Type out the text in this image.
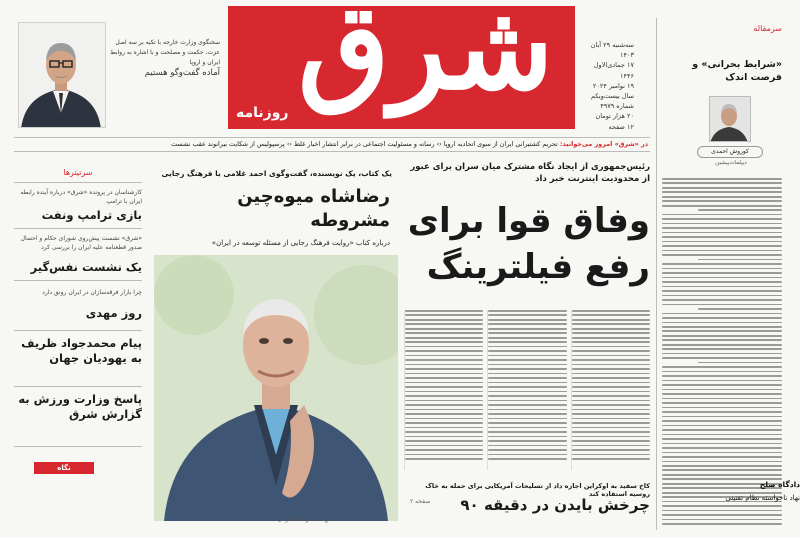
شرق
روزنامه
سه‌شنبه ۲۹ آبان ۱۴۰۳
۱۷ جمادی‌الاول ۱۴۴۶
۱۹ نوامبر ۲۰۲۴
سال بیست‌ویکم
شماره ۴۹۷۹
۲۰ هزار تومان
۱۲ صفحه
سخنگوی وزارت خارجه با تکیه بر سه اصل عزت، حکمت و مصلحت و با اشاره به روابط ایران و اروپا
آماده گفت‌وگو هستیم
در «شرق» امروز می‌خوانید: تحریم کشتیرانی ایران از سوی اتحادیه اروپا ‹› رسانه و مسئولیت اجتماعی در برابر انتشار اخبار غلط ‹› پرسپولیس از شکایت بیرانوند عقب نشست
سرمقاله
«شرایط بحرانی» و فرصت اندک
کوروش احمدی
دیپلمات‌پیشین
سرتیترها
کارشناسان در پرونده «شرق» درباره آینده رابطه ایران با ترامپ
بازی ترامپ ونفت
«شرق» نشست پیش‌روی شورای حکام و احتمال صدور قطعنامه علیه ایران را بررسی کرد
یک نشست نفس‌گیر
چرا بازار فرقه‌سازان در ایران رونق دارد
روز مهدی
پیام محمدجواد ظریف به یهودیان جهان
پاسخ وزارت ورزش به گزارش شرق
نگاه
دادگاه صلح
نهاد ناخواسته نظام تقنینی
یک کتاب، یک نویسنده، گفت‌وگوی احمد غلامی با فرهنگ رجایی
رضاشاه میوه‌چین مشروطه
درباره کتاب «روایت فرهنگ رجایی از مسئله توسعه در ایران»
عکس: محمدرضا شاهرخی
رئیس‌جمهوری از ایجاد نگاه مشترک میان سران برای عبور از محدودیت اینترنت خبر داد
وفاق قوا برای رفع فیلترینگ
کاخ سفید به اوکراین اجازه داد از تسلیحات آمریکایی برای حمله به خاک روسیه استفاده کند
چرخش بایدن در دقیقه ۹۰
صفحه ۲
